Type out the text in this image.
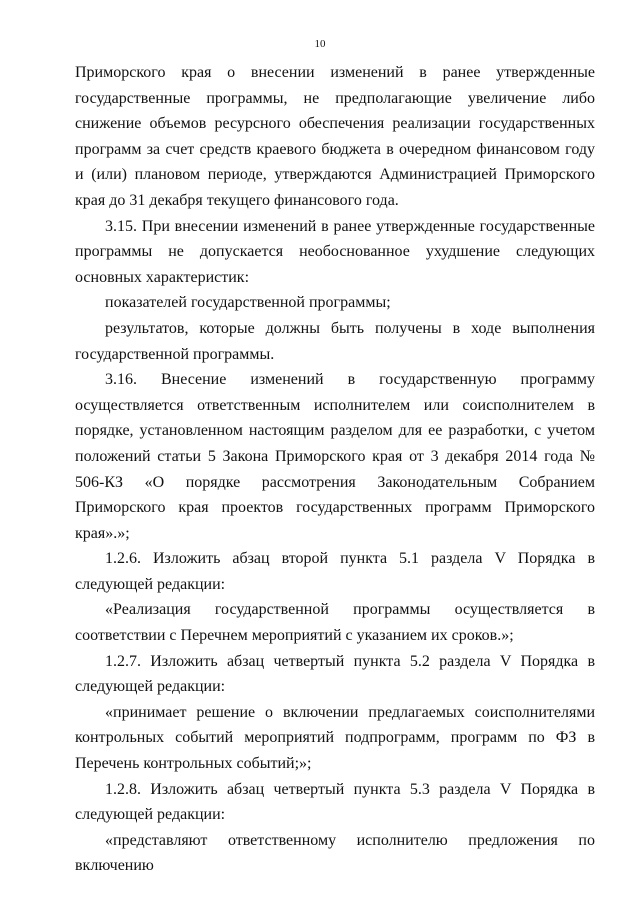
10

Приморского края о внесении изменений в ранее утвержденные государственные программы, не предполагающие увеличение либо снижение объемов ресурсного обеспечения реализации государственных программ за счет средств краевого бюджета в очередном финансовом году и (или) плановом периоде, утверждаются Администрацией Приморского края до 31 декабря текущего финансового года.

3.15. При внесении изменений в ранее утвержденные государственные программы не допускается необоснованное ухудшение следующих основных характеристик:

показателей государственной программы;

результатов, которые должны быть получены в ходе выполнения государственной программы.

3.16. Внесение изменений в государственную программу осуществляется ответственным исполнителем или соисполнителем в порядке, установленном настоящим разделом для ее разработки, с учетом положений статьи 5 Закона Приморского края от 3 декабря 2014 года № 506-КЗ «О порядке рассмотрения Законодательным Собранием Приморского края проектов государственных программ Приморского края».»;

1.2.6. Изложить абзац второй пункта 5.1 раздела V Порядка в следующей редакции:

«Реализация государственной программы осуществляется в соответствии с Перечнем мероприятий с указанием их сроков.»;

1.2.7. Изложить абзац четвертый пункта 5.2 раздела V Порядка в следующей редакции:

«принимает решение о включении предлагаемых соисполнителями контрольных событий мероприятий подпрограмм, программ по ФЗ в Перечень контрольных событий;»;

1.2.8. Изложить абзац четвертый пункта 5.3 раздела V Порядка в следующей редакции:

«представляют ответственному исполнителю предложения по включению
